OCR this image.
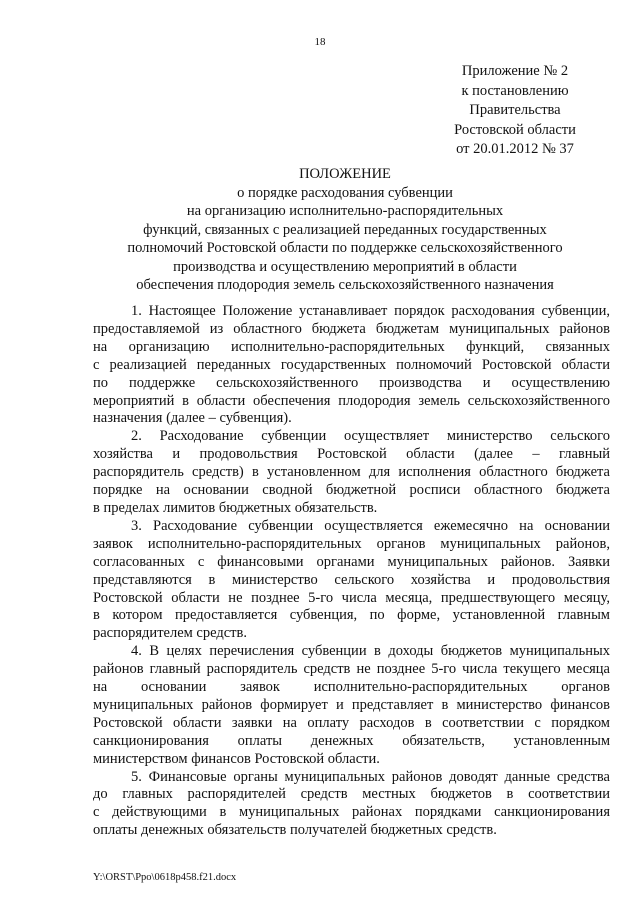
18
Приложение № 2
к постановлению
Правительства
Ростовской области
от 20.01.2012 № 37
ПОЛОЖЕНИЕ
о порядке расходования субвенции
на организацию исполнительно-распорядительных
функций, связанных с реализацией переданных государственных
полномочий Ростовской области по поддержке сельскохозяйственного
производства и осуществлению мероприятий в области
обеспечения плодородия земель сельскохозяйственного назначения
1. Настоящее Положение устанавливает порядок расходования субвенции,
предоставляемой из областного бюджета бюджетам муниципальных районов
на организацию исполнительно-распорядительных функций, связанных
с реализацией переданных государственных полномочий Ростовской области
по поддержке сельскохозяйственного производства и осуществлению
мероприятий в области обеспечения плодородия земель сельскохозяйственного
назначения (далее – субвенция).
2. Расходование субвенции осуществляет министерство сельского
хозяйства и продовольствия Ростовской области (далее – главный
распорядитель средств) в установленном для исполнения областного бюджета
порядке на основании сводной бюджетной росписи областного бюджета
в пределах лимитов бюджетных обязательств.
3. Расходование субвенции осуществляется ежемесячно на основании
заявок исполнительно-распорядительных органов муниципальных районов,
согласованных с финансовыми органами муниципальных районов. Заявки
представляются в министерство сельского хозяйства и продовольствия
Ростовской области не позднее 5-го числа месяца, предшествующего месяцу,
в котором предоставляется субвенция, по форме, установленной главным
распорядителем средств.
4. В целях перечисления субвенции в доходы бюджетов муниципальных
районов главный распорядитель средств не позднее 5-го числа текущего месяца
на основании заявок исполнительно-распорядительных органов
муниципальных районов формирует и представляет в министерство финансов
Ростовской области заявки на оплату расходов в соответствии с порядком
санкционирования оплаты денежных обязательств, установленным
министерством финансов Ростовской области.
5. Финансовые органы муниципальных районов доводят данные средства
до главных распорядителей средств местных бюджетов в соответствии
с действующими в муниципальных районах порядками санкционирования
оплаты денежных обязательств получателей бюджетных средств.
Y:\ORST\Ppo\0618p458.f21.docx
